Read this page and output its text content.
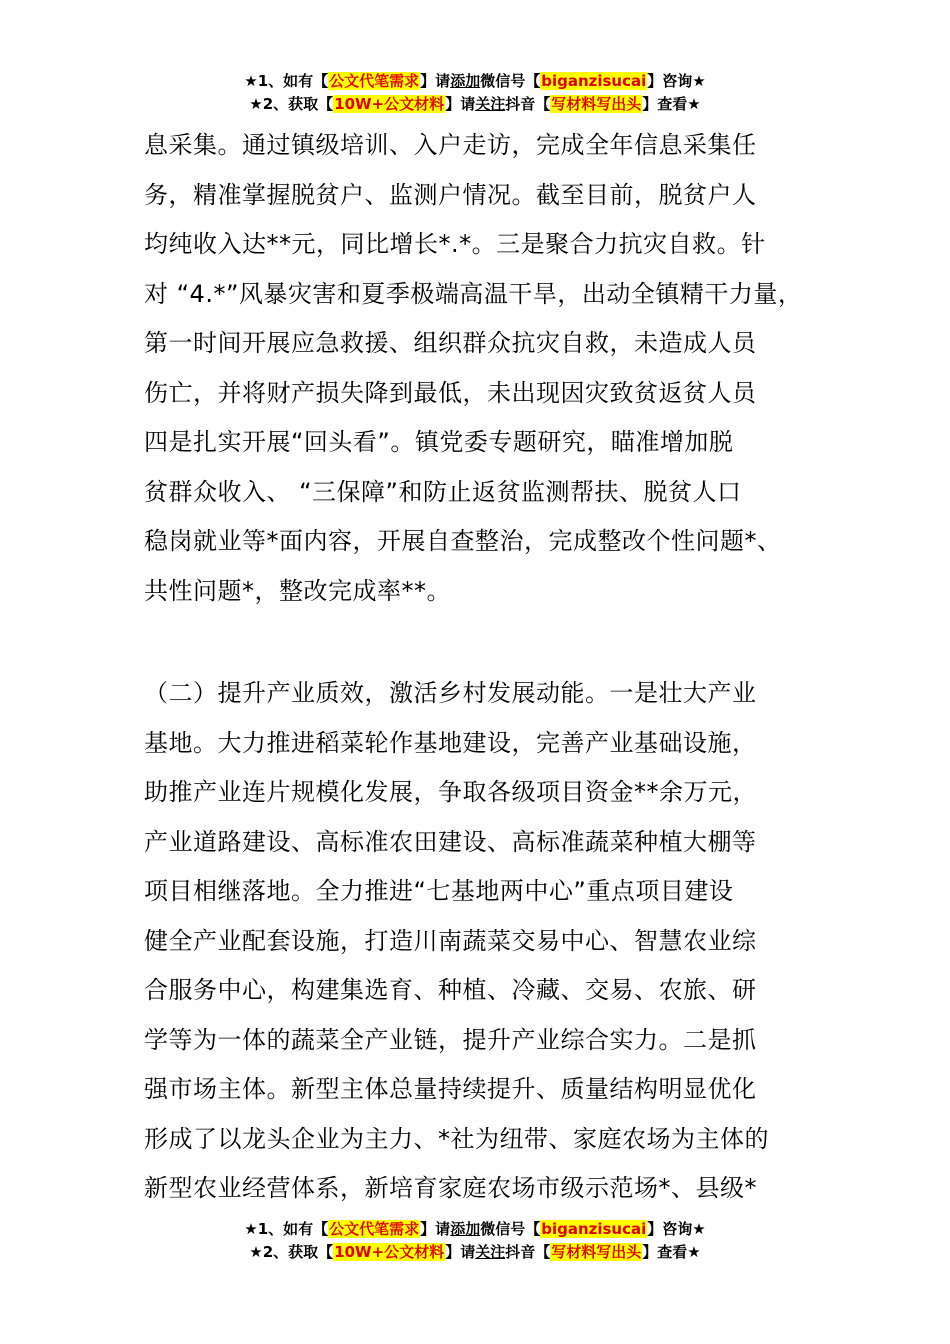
★1、如有【公文代笔需求】请添加微信号【biganzisucai】咨询★
★2、获取【10W+公文材料】请关注抖音【写材料写出头】查看★
息采集。通过镇级培训、入户走访，完成全年信息采集任
务，精准掌握脱贫户、监测户情况。截至目前，脱贫户人
均纯收入达**元，同比增长*.*。三是聚合力抗灾自救。针
对 “4.*”风暴灾害和夏季极端高温干旱，出动全镇精干力量，
第一时间开展应急救援、组织群众抗灾自救，未造成人员
伤亡，并将财产损失降到最低，未出现因灾致贫返贫人员
四是扎实开展“回头看”。镇党委专题研究，瞄准增加脱
贫群众收入、 “三保障”和防止返贫监测帮扶、脱贫人口
稳岗就业等*面内容，开展自查整治，完成整改个性问题*、
共性问题*，整改完成率**。
（二）提升产业质效，激活乡村发展动能。一是壮大产业
基地。大力推进稻菜轮作基地建设，完善产业基础设施，
助推产业连片规模化发展，争取各级项目资金**余万元，
产业道路建设、高标准农田建设、高标准蔬菜种植大棚等
项目相继落地。全力推进“七基地两中心”重点项目建设
健全产业配套设施，打造川南蔬菜交易中心、智慧农业综
合服务中心，构建集选育、种植、冷藏、交易、农旅、研
学等为一体的蔬菜全产业链，提升产业综合实力。二是抓
强市场主体。新型主体总量持续提升、质量结构明显优化
形成了以龙头企业为主力、*社为纽带、家庭农场为主体的
新型农业经营体系，新培育家庭农场市级示范场*、县级*
★1、如有【公文代笔需求】请添加微信号【biganzisucai】咨询★
★2、获取【10W+公文材料】请关注抖音【写材料写出头】查看★
